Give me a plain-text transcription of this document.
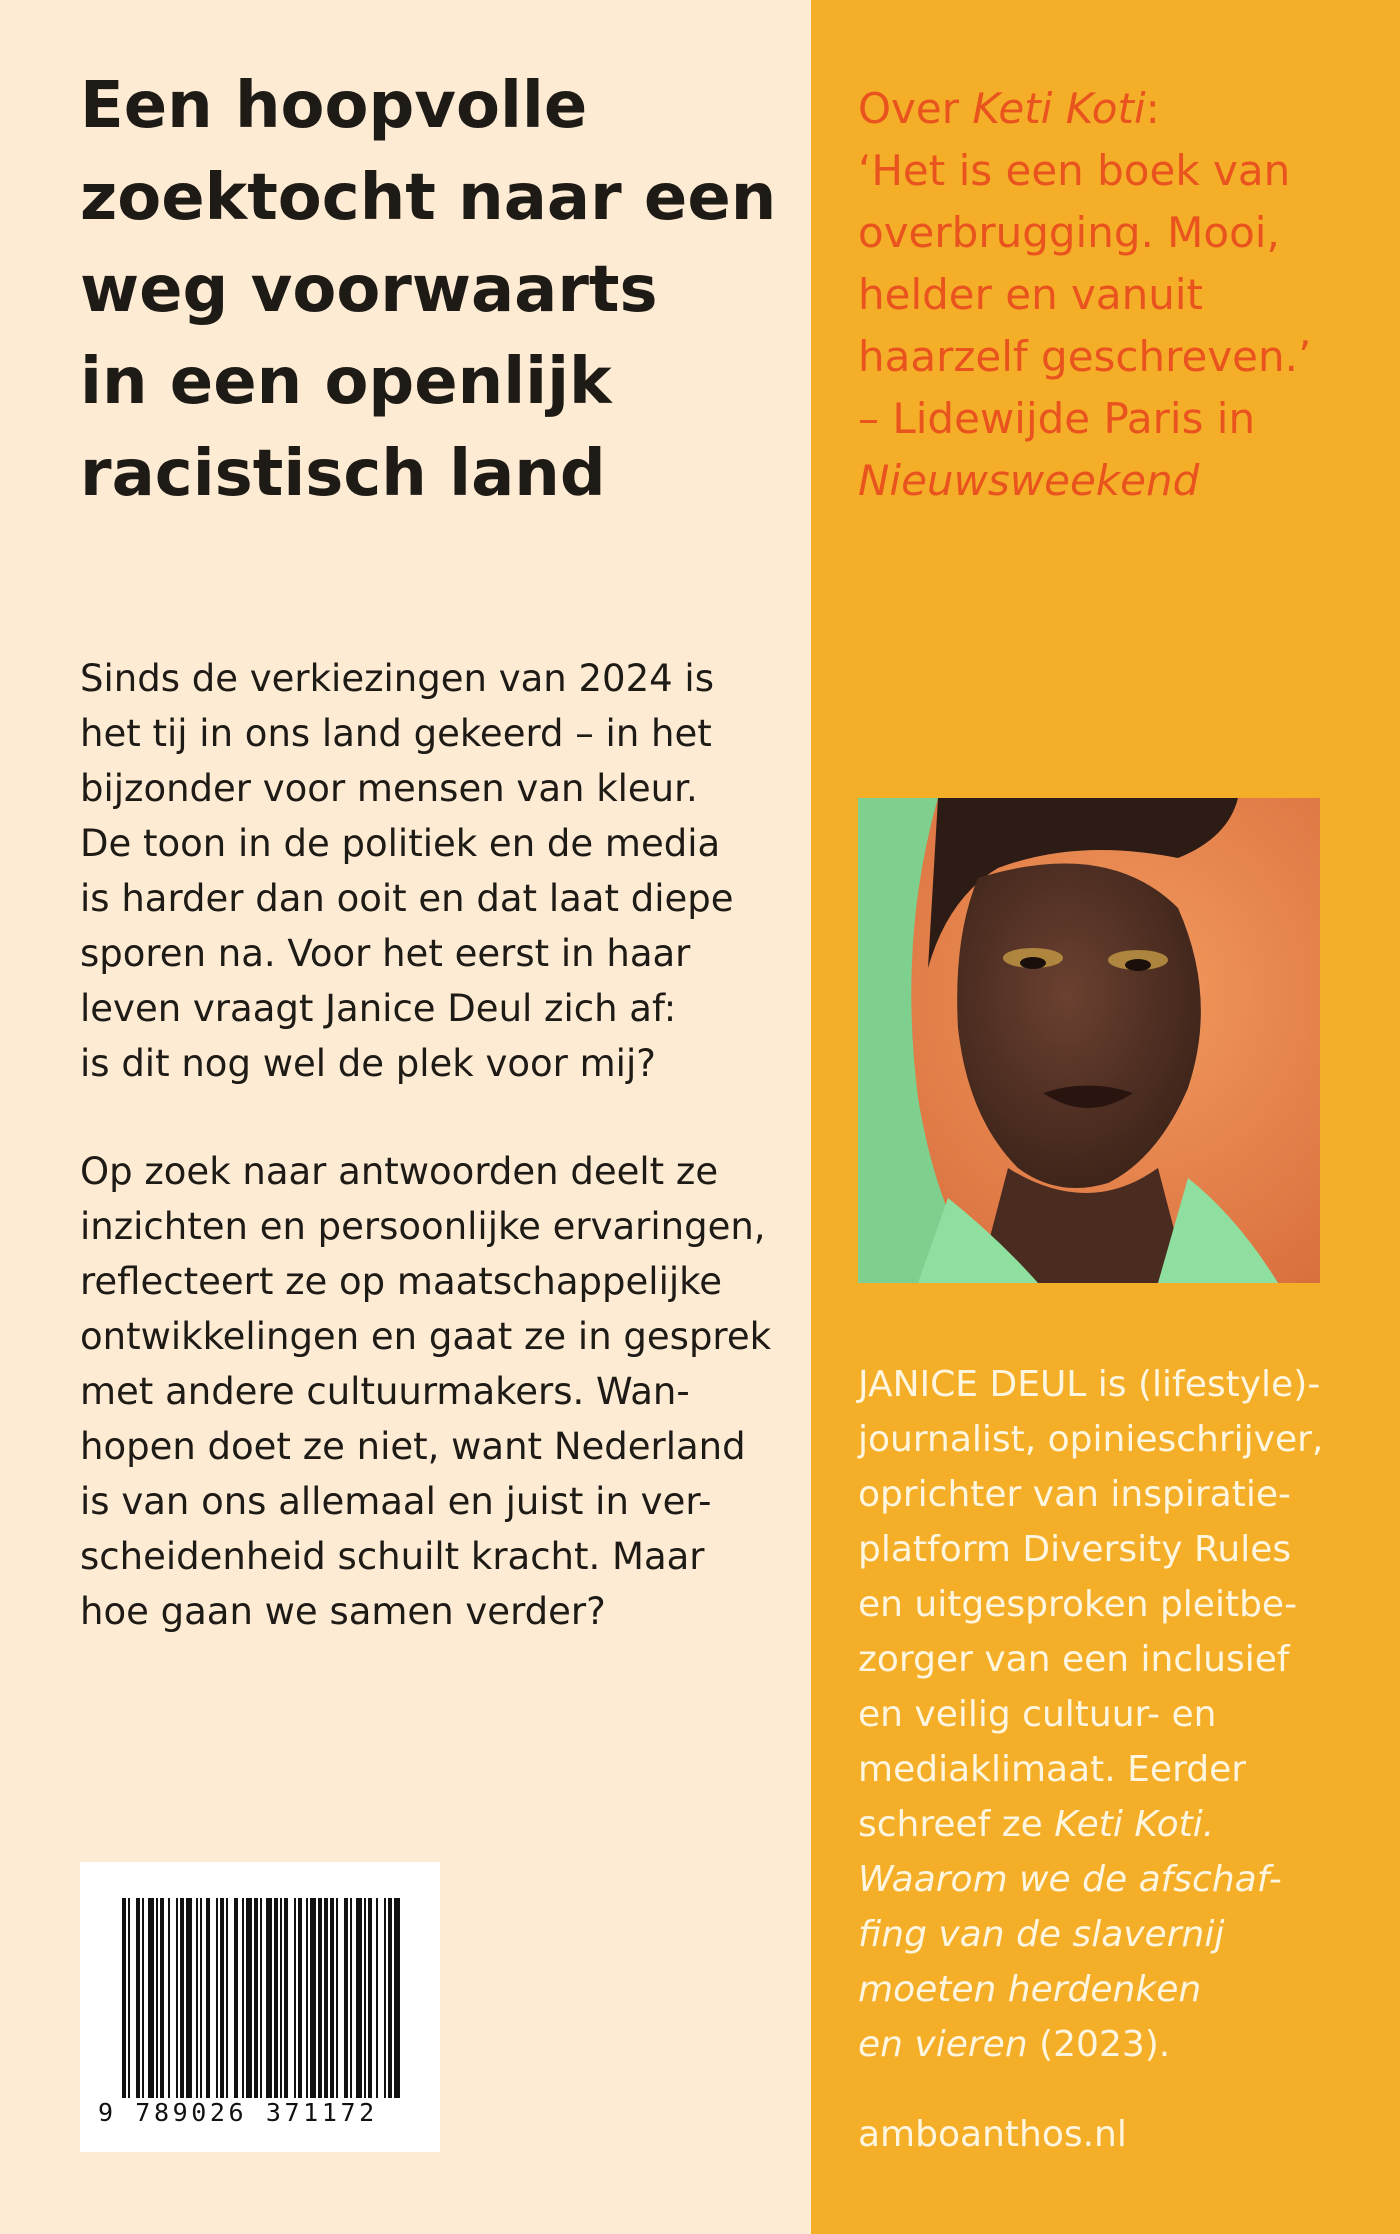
Een hoopvolle
zoektocht naar een
weg voorwaarts
in een openlijk
racistisch land
Sinds de verkiezingen van 2024 is
het tij in ons land gekeerd – in het
bijzonder voor mensen van kleur.
De toon in de politiek en de media
is harder dan ooit en dat laat diepe
sporen na. Voor het eerst in haar
leven vraagt Janice Deul zich af:
is dit nog wel de plek voor mij?
Op zoek naar antwoorden deelt ze
inzichten en persoonlijke ervaringen,
reflecteert ze op maatschappelijke
ontwikkelingen en gaat ze in gesprek
met andere cultuurmakers. Wan-
hopen doet ze niet, want Nederland
is van ons allemaal en juist in ver-
scheidenheid schuilt kracht. Maar
hoe gaan we samen verder?
Over Keti Koti:
‘Het is een boek van
overbrugging. Mooi,
helder en vanuit
haarzelf geschreven.’
– Lidewijde Paris in
Nieuwsweekend
JANICE DEUL is (lifestyle)-
journalist, opinieschrijver,
oprichter van inspiratie-
platform Diversity Rules
en uitgesproken pleitbe-
zorger van een inclusief
en veilig cultuur- en
mediaklimaat. Eerder
schreef ze Keti Koti.
Waarom we de afschaf-
fing van de slavernij
moeten herdenken
en vieren (2023).
amboanthos.nl
9 789026 371172
